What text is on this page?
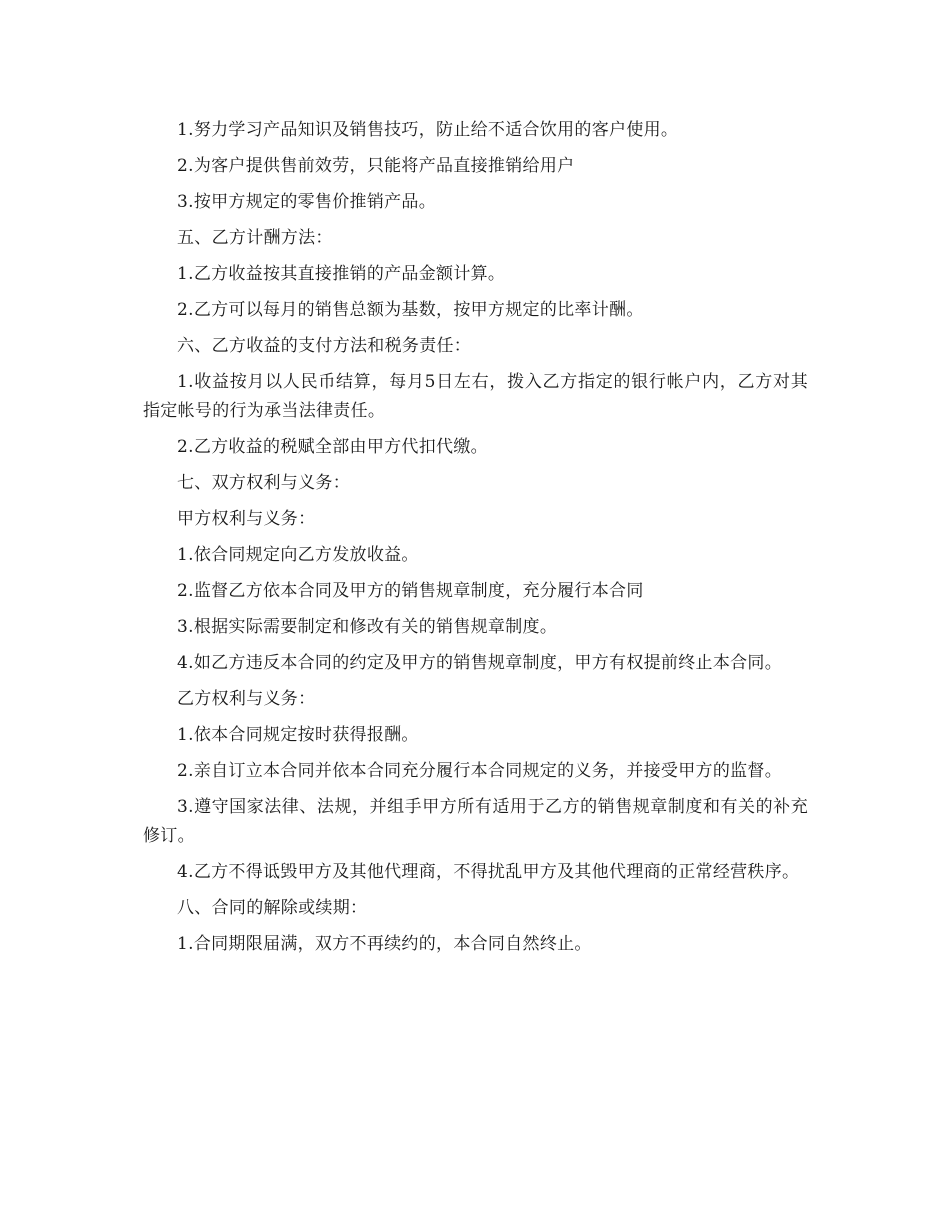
1.努力学习产品知识及销售技巧，防止给不适合饮用的客户使用。

2.为客户提供售前效劳，只能将产品直接推销给用户

3.按甲方规定的零售价推销产品。

五、乙方计酬方法：

1.乙方收益按其直接推销的产品金额计算。

2.乙方可以每月的销售总额为基数，按甲方规定的比率计酬。

六、乙方收益的支付方法和税务责任：

1.收益按月以人民币结算，每月5日左右，拨入乙方指定的银行帐户内，乙方对其指定帐号的行为承当法律责任。

2.乙方收益的税赋全部由甲方代扣代缴。

七、双方权利与义务：

甲方权利与义务：

1.依合同规定向乙方发放收益。

2.监督乙方依本合同及甲方的销售规章制度，充分履行本合同

3.根据实际需要制定和修改有关的销售规章制度。

4.如乙方违反本合同的约定及甲方的销售规章制度，甲方有权提前终止本合同。

乙方权利与义务：

1.依本合同规定按时获得报酬。

2.亲自订立本合同并依本合同充分履行本合同规定的义务，并接受甲方的监督。

3.遵守国家法律、法规，并组手甲方所有适用于乙方的销售规章制度和有关的补充修订。

4.乙方不得诋毁甲方及其他代理商，不得扰乱甲方及其他代理商的正常经营秩序。

八、合同的解除或续期：

1.合同期限届满，双方不再续约的，本合同自然终止。
